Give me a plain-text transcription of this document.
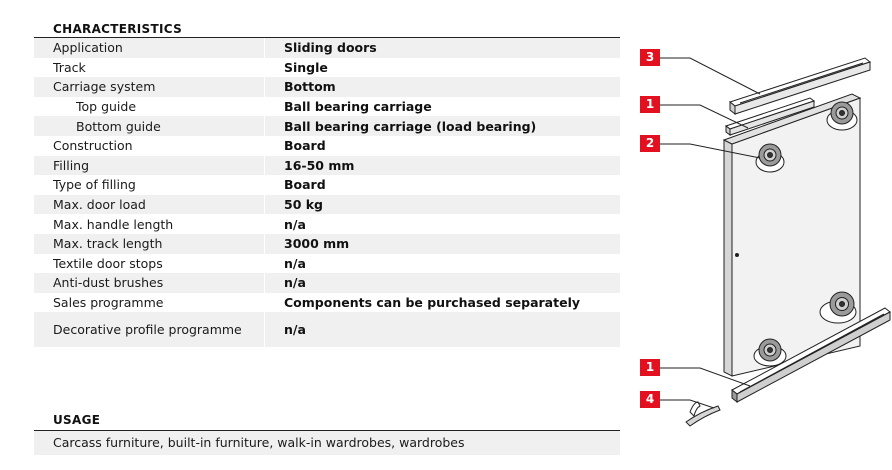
CHARACTERISTICS
Application		Sliding doors
Track		Single
Carriage system		Bottom
Top guide		Ball bearing carriage
Bottom guide		Ball bearing carriage (load bearing)
Construction		Board
Filling		16-50 mm
Type of filling		Board
Max. door load		50 kg
Max. handle length		n/a
Max. track length		3000 mm
Textile door stops		n/a
Anti-dust brushes		n/a
Sales programme		Components can be purchased separately
Decorative profile programme		n/a
USAGE
Carcass furniture, built-in furniture, walk-in wardrobes, wardrobes
3
1
2
1
4
